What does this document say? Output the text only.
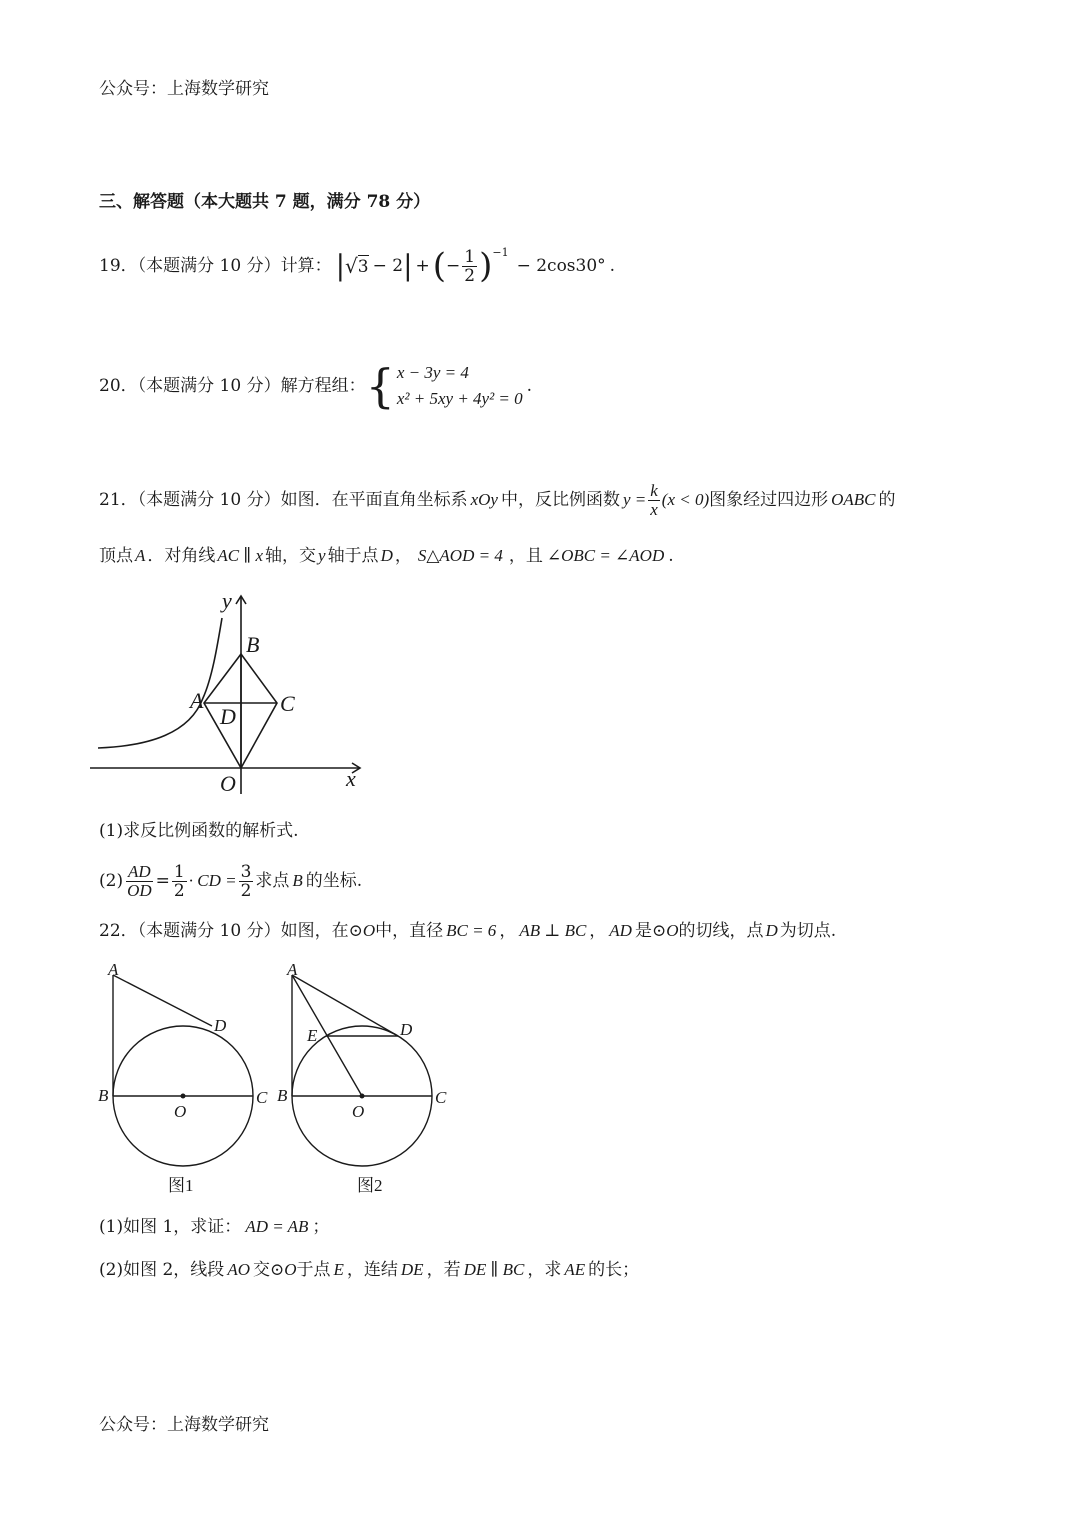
公众号：上海数学研究
三、解答题（本大题共 7 题，满分 78 分）
19．（本题满分 10 分）计算： | √ 3 − 2 | + ( − $\frac{1}{2}$ ) −1
− 2cos30° .
20．（本题满分 10 分）解方程组： { x − 3y = 4
x² + 5xy + 4y² = 0
.
21．（本题满分 10 分）如图．在平面直角坐标系 xOy 中，反比例函数 $y = \frac{k}{x} (x < 0)$ 图象经过四边形 OABC 的
顶点 A ．对角线 AC ∥ x 轴，交 y 轴于点 D ， S△AOD = 4 ，且 ∠OBC = ∠AOD .
y
x
O
A
B
C
D
(1)求反比例函数的解析式.
$(2) \frac{AD}{OD} = \frac{1}{2}$ · CD = $\frac{3}{2}$ 求点 B 的坐标.
22．（本题满分 10 分）如图，在⊙ O 中，直径 BC = 6 ， AB ⊥ BC ， AD 是⊙ O 的切线，点 D 为切点.
A
B	C
D
O
图1
A
B	C
D
E
O
图2
(1)如图 1，求证： AD = AB ；
(2)如图 2，线段 AO 交⊙ O 于点 E ，连结 DE ，若 DE ∥ BC ，求 AE 的长；
公众号：上海数学研究
